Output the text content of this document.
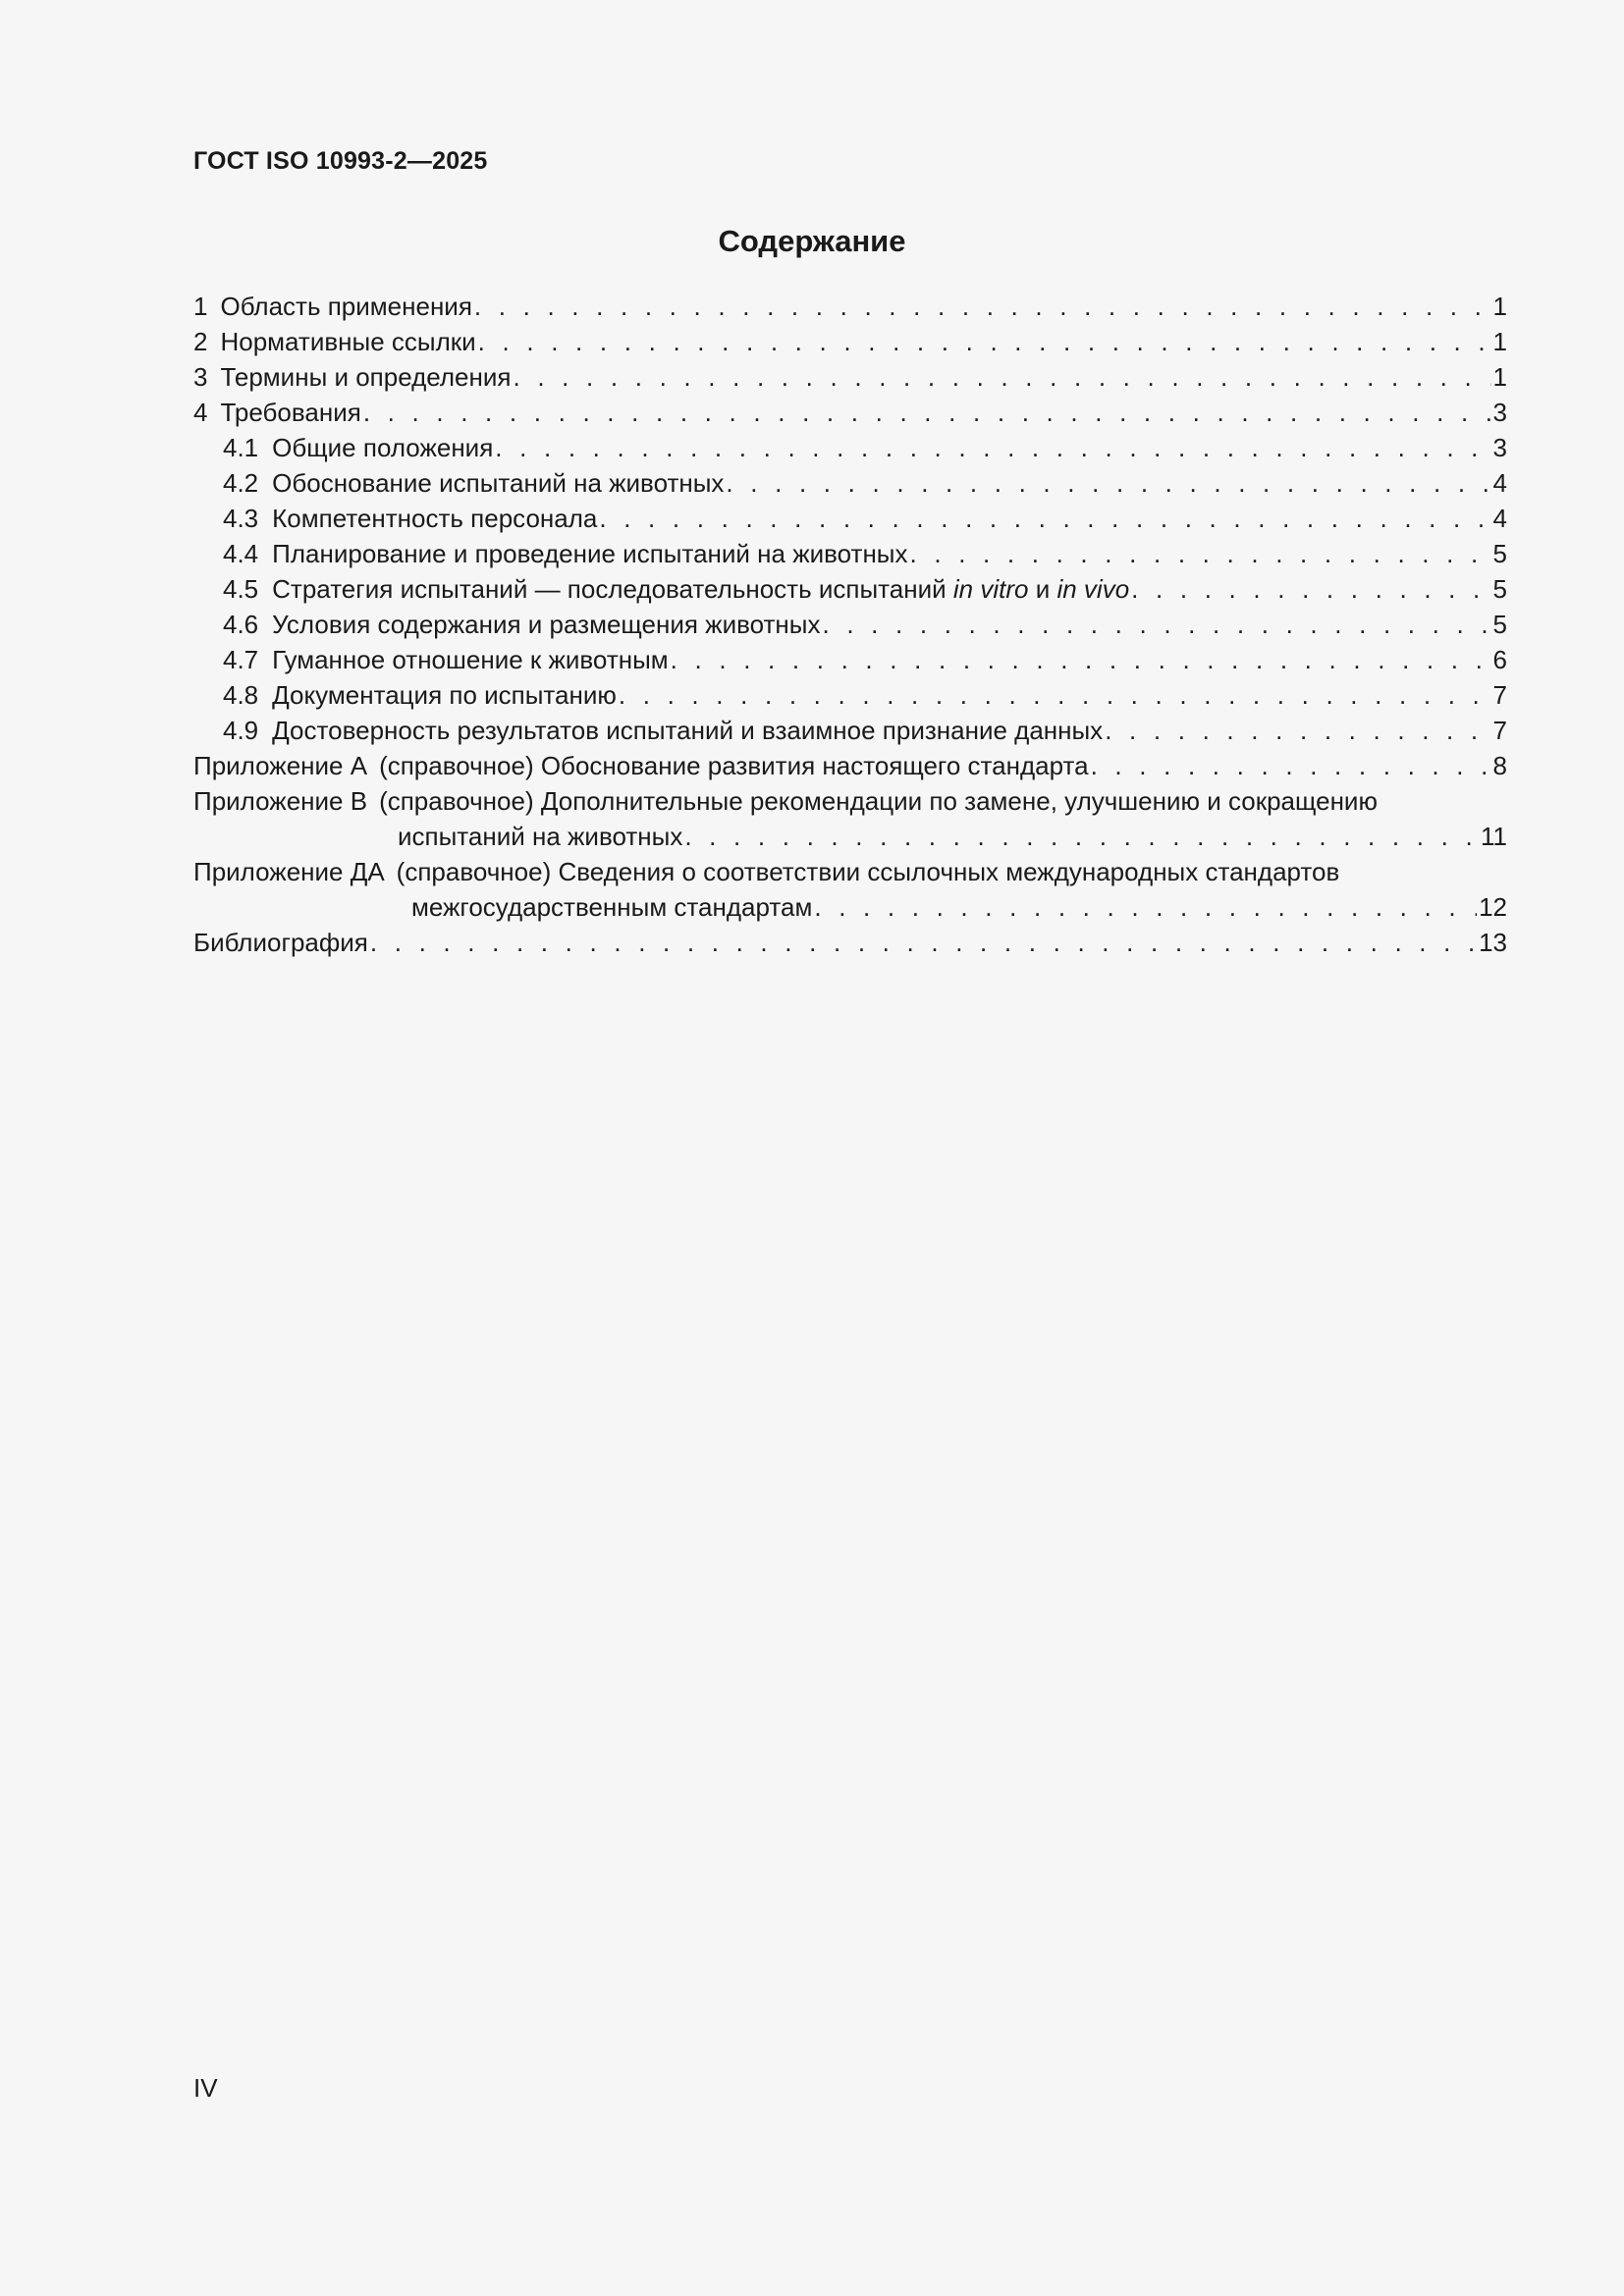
ГОСТ ISO 10993-2—2025
Содержание
1 Область применения . . .	1
2 Нормативные ссылки . . .	1
3 Термины и определения . . .	1
4 Требования . . .	3
4.1 Общие положения . . .	3
4.2 Обоснование испытаний на животных . . .	4
4.3 Компетентность персонала . . .	4
4.4 Планирование и проведение испытаний на животных . . .	5
4.5 Стратегия испытаний — последовательность испытаний in vitro и in vivo . . .	5
4.6 Условия содержания и размещения животных . . .	5
4.7 Гуманное отношение к животным . . .	6
4.8 Документация по испытанию . . .	7
4.9 Достоверность результатов испытаний и взаимное признание данных . . .	7
Приложение А (справочное) Обоснование развития настоящего стандарта . . .	8
Приложение В (справочное) Дополнительные рекомендации по замене, улучшению и сокращению
испытаний на животных . . .	11
Приложение ДА (справочное) Сведения о соответствии ссылочных международных стандартов
межгосударственным стандартам . . .	12
Библиография . . .	13
IV
